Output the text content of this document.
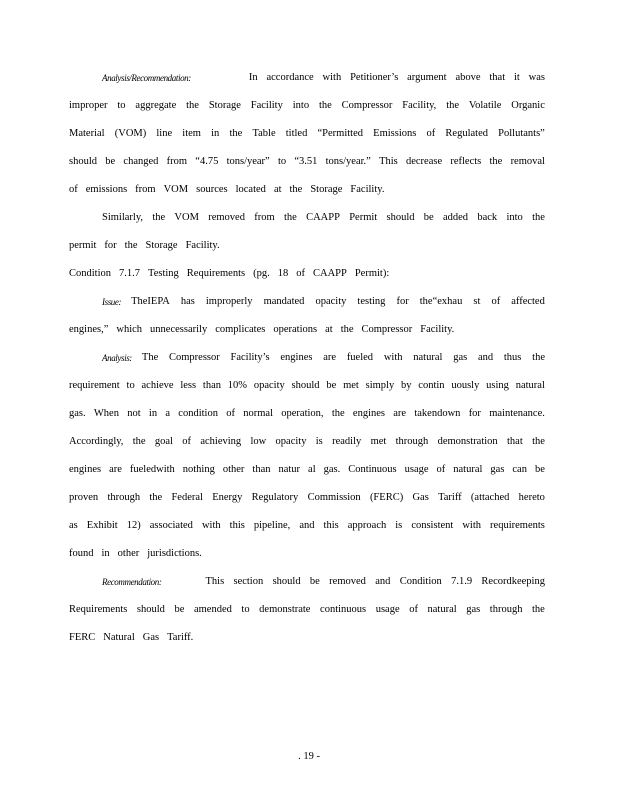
Analysis/Recommendation:	In accordance with Petitioner’s argument above that it was
improper to aggregate the Storage Facility into the Compressor Facility, the Volatile Organic
Material (VOM) line item in the Table titled “Permitted Emissions of Regulated Pollutants”
should be changed from “4.75 tons/year” to “3.51 tons/year.” This decrease reflects the removal
of emissions from VOM sources located at the Storage Facility.
Similarly, the VOM removed from the CAAPP Permit should be added back into the
permit for the Storage Facility.
Condition 7.1.7 Testing Requirements (pg. 18 of CAAPP Permit):
Issue: TheIEPA has improperly mandated opacity testing for the“exhau st of affected
engines,” which unnecessarily complicates operations at the Compressor Facility.
Analysis: The Compressor Facility’s engines are fueled with natural gas and thus the
requirement to achieve less than 10% opacity should be met simply by contin uously using natural
gas. When not in a condition of normal operation, the engines are takendown for maintenance.
Accordingly, the goal of achieving low opacity is readily met through demonstration that the
engines are fueledwith nothing other than natur al gas. Continuous usage of natural gas can be
proven through the Federal Energy Regulatory Commission (FERC) Gas Tariff (attached hereto
as Exhibit 12) associated with this pipeline, and this approach is consistent with requirements
found in other jurisdictions.
Recommendation:	This section should be removed and Condition 7.1.9 Recordkeeping
Requirements should be amended to demonstrate continuous usage of natural gas through the
FERC Natural Gas Tariff.
. 19 -
